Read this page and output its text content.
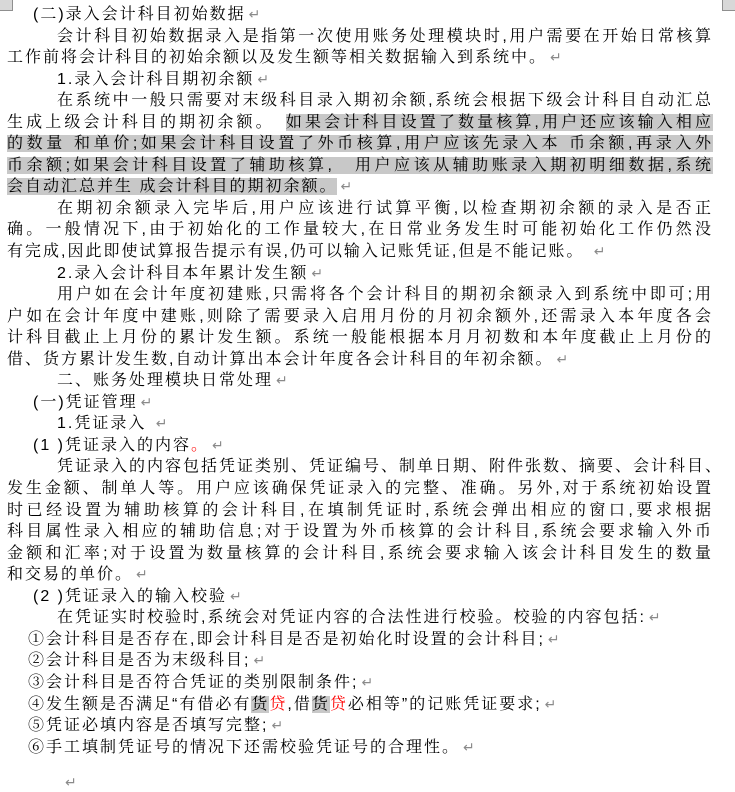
(二)录入会计科目初始数据 ↵
会计科目初始数据录入是指第一次使用账务处理模块时,用户需要在开始日常核算
工作前将会计科目的初始余额以及发生额等相关数据输入到系统中。 ↵
1.录入会计科目期初余额 ↵
在系统中一般只需要对末级科目录入期初余额,系统会根据下级会计科目自动汇总
生成上级会计科目的期初余额。　如果会计科目设置了数量核算,用户还应该输入相应
的数量 和单价;如果会计科目设置了外币核算,用户应该先录入本 币余额,再录入外
币余额;如果会计科目设置了辅助核算,　用户应该从辅助账录入期初明细数据,系统
会自动汇总并生 成会计科目的期初余额。 ↵
在期初余额录入完毕后,用户应该进行试算平衡,以检查期初余额的录入是否正
确。一般情况下,由于初始化的工作量较大,在日常业务发生时可能初始化工作仍然没
有完成,因此即使试算报告提示有误,仍可以输入记账凭证,但是不能记账。 ↵
2.录入会计科目本年累计发生额 ↵
用户如在会计年度初建账,只需将各个会计科目的期初余额录入到系统中即可;用
户如在会计年度中建账,则除了需要录入启用月份的月初余额外,还需录入本年度各会
计科目截止上月份的累计发生额。系统一般能根据本月月初数和本年度截止上月份的
借、货方累计发生数,自动计算出本会计年度各会计科目的年初余额。 ↵
二、账务处理模块日常处理 ↵
(一)凭证管理 ↵
1.凭证录入 ↵
(1 )凭证录入的内容。 ↵
凭证录入的内容包括凭证类别、凭证编号、制单日期、附件张数、摘要、会计科目、
发生金额、制单人等。用户应该确保凭证录入的完整、准确。另外,对于系统初始设置
时已经设置为辅助核算的会计科目,在填制凭证时,系统会弹出相应的窗口,要求根据
科目属性录入相应的辅助信息;对于设置为外币核算的会计科目,系统会要求输入外币
金额和汇率;对于设置为数量核算的会计科目,系统会要求输入该会计科目发生的数量
和交易的单价。 ↵
(2 )凭证录入的输入校验 ↵
在凭证实时校验时,系统会对凭证内容的合法性进行校验。校验的内容包括: ↵
①会计科目是否存在,即会计科目是否是初始化时设置的会计科目; ↵
②会计科目是否为末级科目; ↵
③会计科目是否符合凭证的类别限制条件; ↵
④发生额是否满足“有借必有货贷,借货贷必相等”的记账凭证要求; ↵
⑤凭证必填内容是否填写完整; ↵
⑥手工填制凭证号的情况下还需校验凭证号的合理性。 ↵
↵
